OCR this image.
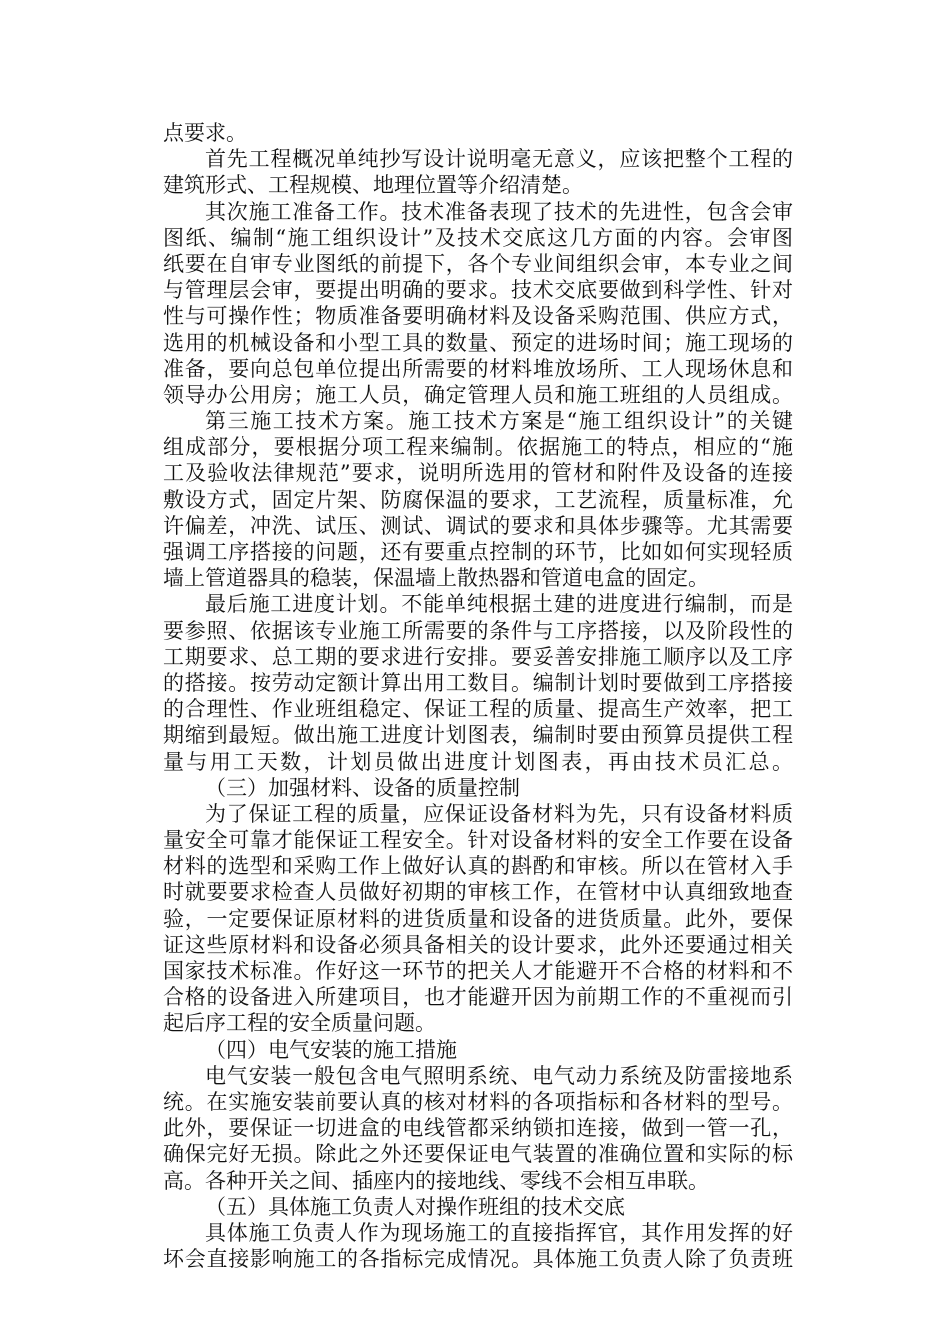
点要求。
首先工程概况单纯抄写设计说明毫无意义，应该把整个工程的
建筑形式、工程规模、地理位置等介绍清楚。
其次施工准备工作。技术准备表现了技术的先进性，包含会审
图纸、编制“施工组织设计”及技术交底这几方面的内容。会审图
纸要在自审专业图纸的前提下，各个专业间组织会审，本专业之间
与管理层会审，要提出明确的要求。技术交底要做到科学性、针对
性与可操作性；物质准备要明确材料及设备采购范围、供应方式，
选用的机械设备和小型工具的数量、预定的进场时间；施工现场的
准备，要向总包单位提出所需要的材料堆放场所、工人现场休息和
领导办公用房；施工人员，确定管理人员和施工班组的人员组成。
第三施工技术方案。施工技术方案是“施工组织设计”的关键
组成部分，要根据分项工程来编制。依据施工的特点，相应的“施
工及验收法律规范”要求，说明所选用的管材和附件及设备的连接
敷设方式，固定片架、防腐保温的要求，工艺流程，质量标准，允
许偏差，冲洗、试压、测试、调试的要求和具体步骤等。尤其需要
强调工序搭接的问题，还有要重点控制的环节，比如如何实现轻质
墙上管道器具的稳装，保温墙上散热器和管道电盒的固定。
最后施工进度计划。不能单纯根据土建的进度进行编制，而是
要参照、依据该专业施工所需要的条件与工序搭接，以及阶段性的
工期要求、总工期的要求进行安排。要妥善安排施工顺序以及工序
的搭接。按劳动定额计算出用工数目。编制计划时要做到工序搭接
的合理性、作业班组稳定、保证工程的质量、提高生产效率，把工
期缩到最短。做出施工进度计划图表，编制时要由预算员提供工程
量与用工天数，计划员做出进度计划图表，再由技术员汇总。
（三）加强材料、设备的质量控制
为了保证工程的质量，应保证设备材料为先，只有设备材料质
量安全可靠才能保证工程安全。针对设备材料的安全工作要在设备
材料的选型和采购工作上做好认真的斟酌和审核。所以在管材入手
时就要要求检查人员做好初期的审核工作，在管材中认真细致地查
验，一定要保证原材料的进货质量和设备的进货质量。此外，要保
证这些原材料和设备必须具备相关的设计要求，此外还要通过相关
国家技术标准。作好这一环节的把关人才能避开不合格的材料和不
合格的设备进入所建项目，也才能避开因为前期工作的不重视而引
起后序工程的安全质量问题。
（四）电气安装的施工措施
电气安装一般包含电气照明系统、电气动力系统及防雷接地系
统。在实施安装前要认真的核对材料的各项指标和各材料的型号。
此外，要保证一切进盒的电线管都采纳锁扣连接，做到一管一孔，
确保完好无损。除此之外还要保证电气装置的准确位置和实际的标
高。各种开关之间、插座内的接地线、零线不会相互串联。
（五）具体施工负责人对操作班组的技术交底
具体施工负责人作为现场施工的直接指挥官，其作用发挥的好
坏会直接影响施工的各指标完成情况。具体施工负责人除了负责班
